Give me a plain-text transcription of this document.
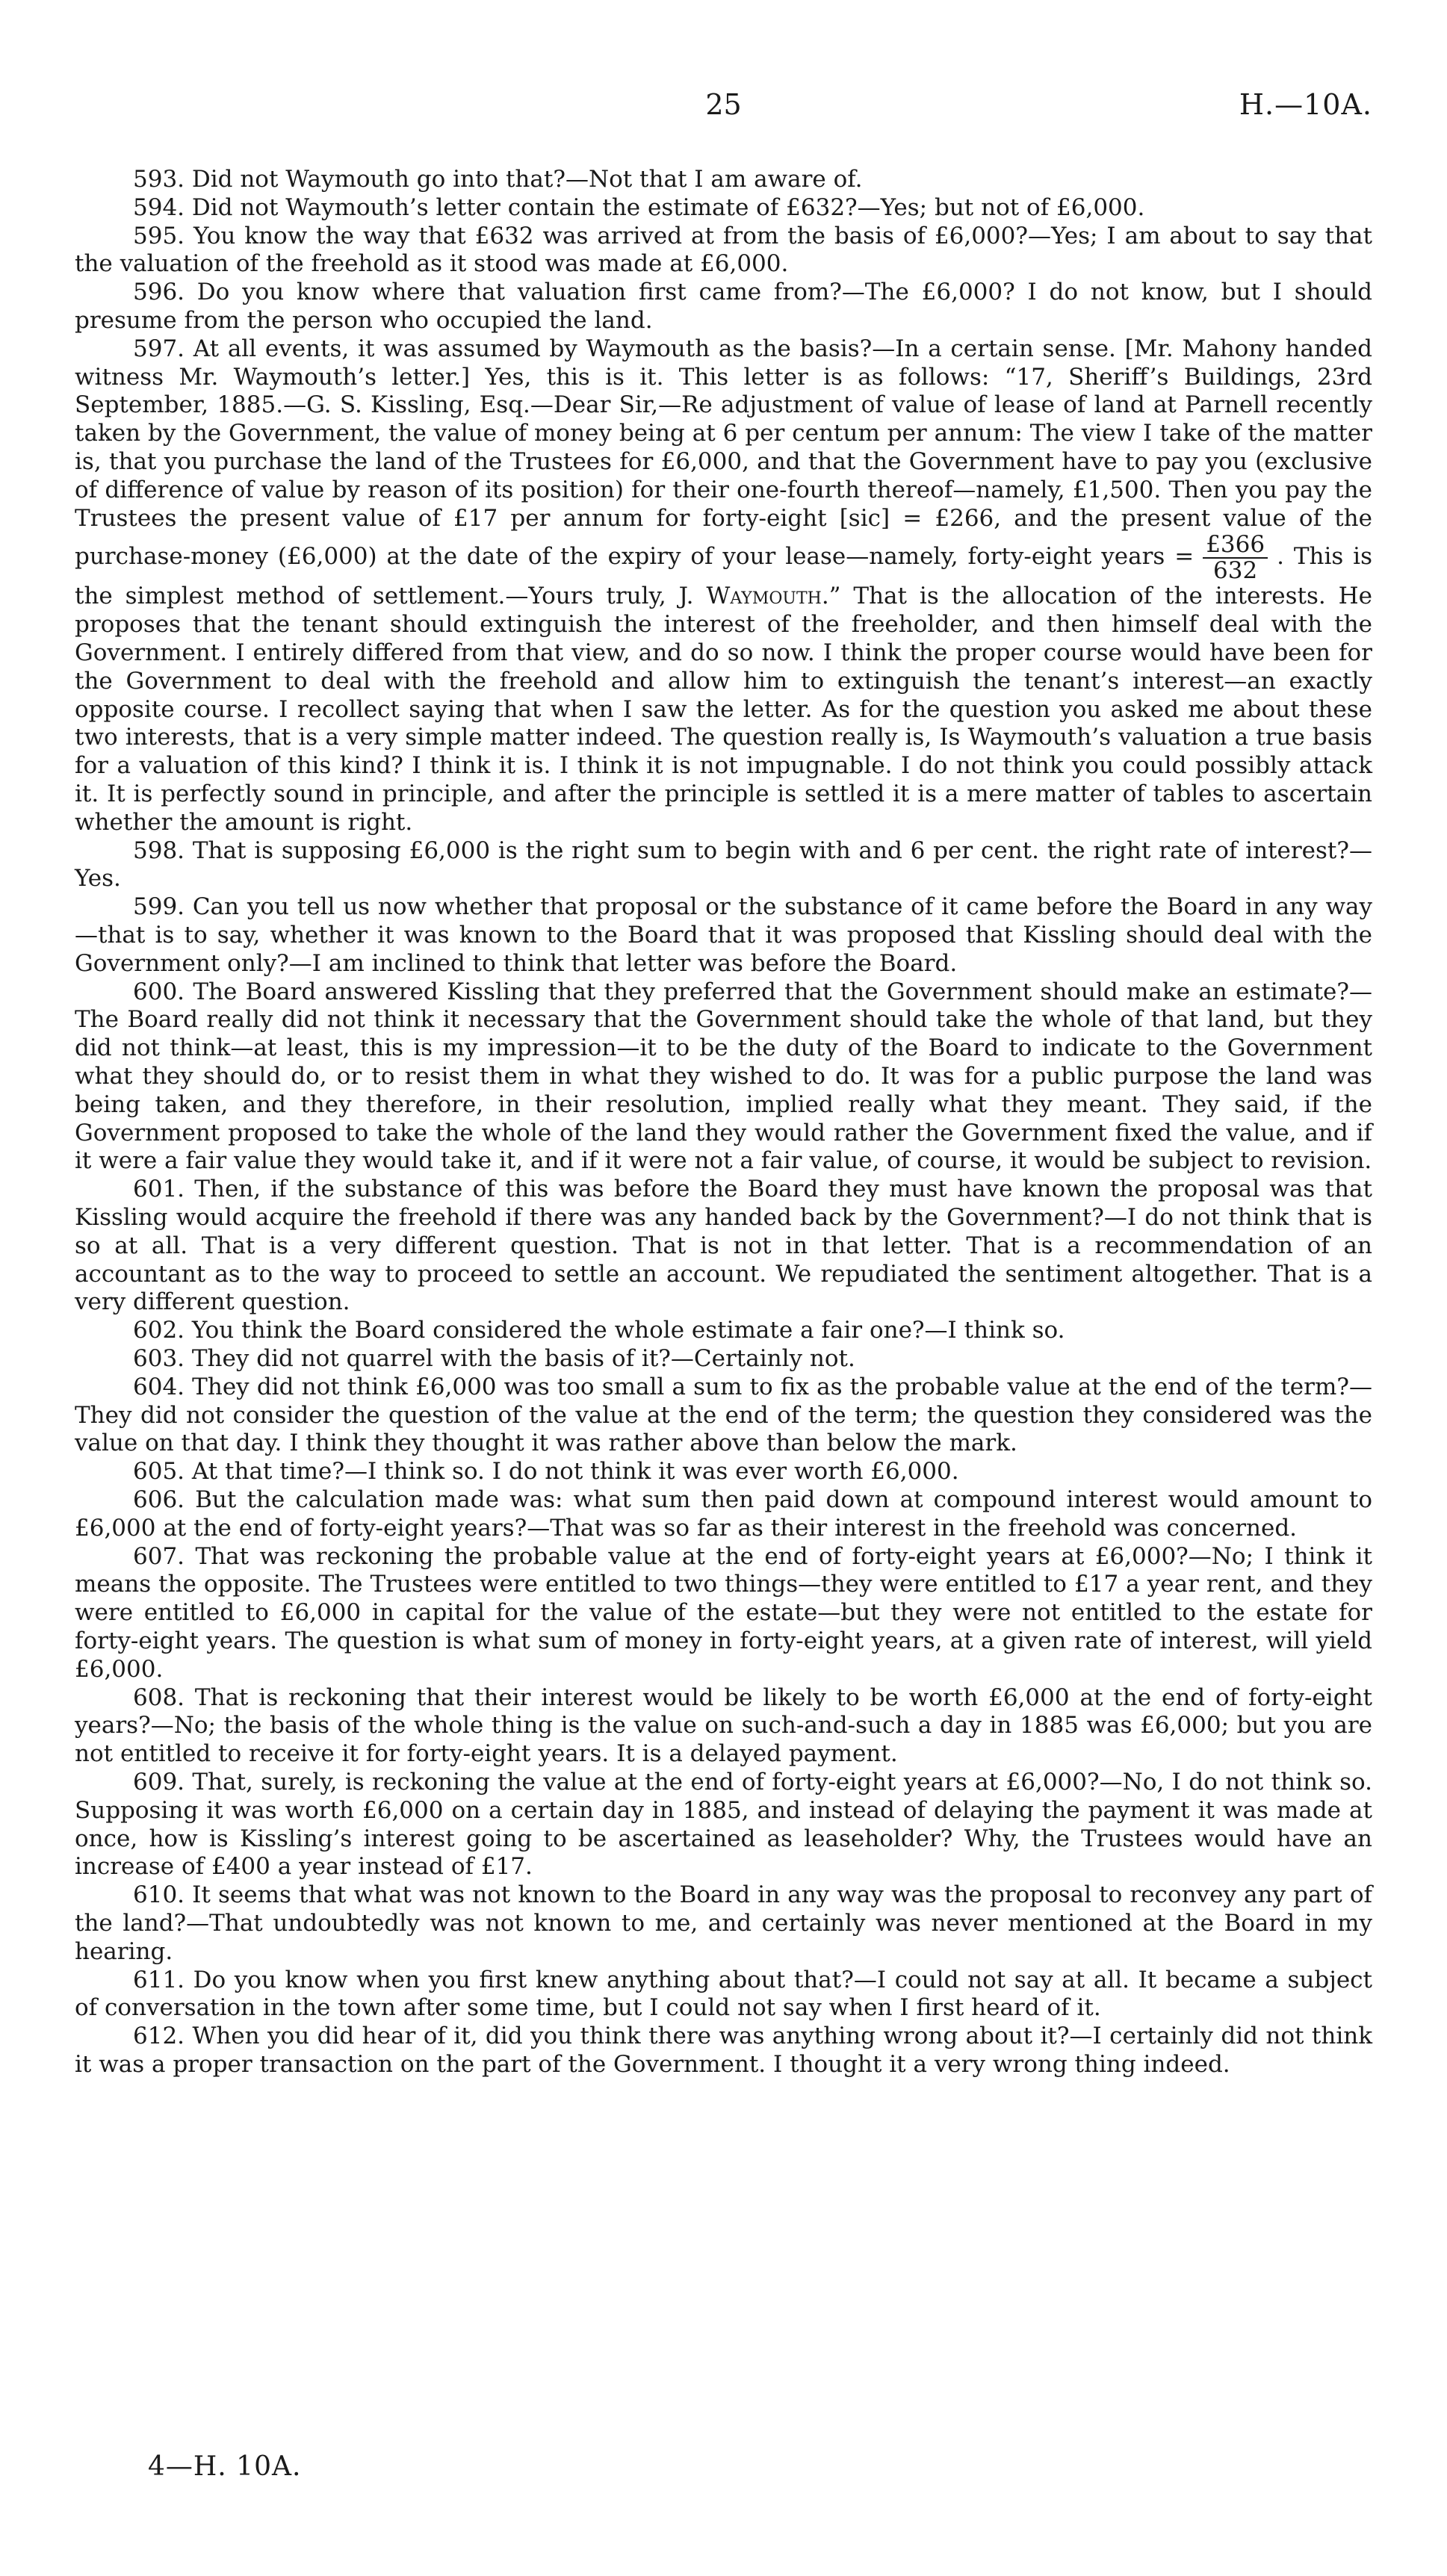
25	H.—10A.

593. Did not Waymouth go into that?—Not that I am aware of.

594. Did not Waymouth’s letter contain the estimate of £632?—Yes; but not of £6,000.

595. You know the way that £632 was arrived at from the basis of £6,000?—Yes; I am about to say that the valuation of the freehold as it stood was made at £6,000.

596. Do you know where that valuation first came from?—The £6,000? I do not know, but I should presume from the person who occupied the land.

597. At all events, it was assumed by Waymouth as the basis?—In a certain sense. [Mr. Mahony handed witness Mr. Waymouth’s letter.] Yes, this is it. This letter is as follows: “17, Sheriff’s Buildings, 23rd September, 1885.—G. S. Kissling, Esq.—Dear Sir,—Re adjustment of value of lease of land at Parnell recently taken by the Government, the value of money being at 6 per centum per annum: The view I take of the matter is, that you purchase the land of the Trustees for £6,000, and that the Government have to pay you (exclusive of difference of value by reason of its position) for their one-fourth thereof—namely, £1,500. Then you pay the Trustees the present value of £17 per annum for forty-eight [sic] = £266, and the present value of the purchase-money (£6,000) at the date of the expiry of your lease—namely, forty-eight years = $\frac{£366}{632}$ . This is the simplest method of settlement.—Yours truly, J. Waymouth.” That is the allocation of the interests. He proposes that the tenant should extinguish the interest of the freeholder, and then himself deal with the Government. I entirely differed from that view, and do so now. I think the proper course would have been for the Government to deal with the freehold and allow him to extinguish the tenant’s interest—an exactly opposite course. I recollect saying that when I saw the letter. As for the question you asked me about these two interests, that is a very simple matter indeed. The question really is, Is Waymouth’s valuation a true basis for a valuation of this kind? I think it is. I think it is not impugnable. I do not think you could possibly attack it. It is perfectly sound in principle, and after the principle is settled it is a mere matter of tables to ascertain whether the amount is right.

598. That is supposing £6,000 is the right sum to begin with and 6 per cent. the right rate of interest?—Yes.

599. Can you tell us now whether that proposal or the substance of it came before the Board in any way—that is to say, whether it was known to the Board that it was proposed that Kissling should deal with the Government only?—I am inclined to think that letter was before the Board.

600. The Board answered Kissling that they preferred that the Government should make an estimate?—The Board really did not think it necessary that the Government should take the whole of that land, but they did not think—at least, this is my impression—it to be the duty of the Board to indicate to the Government what they should do, or to resist them in what they wished to do. It was for a public purpose the land was being taken, and they therefore, in their resolution, implied really what they meant. They said, if the Government proposed to take the whole of the land they would rather the Government fixed the value, and if it were a fair value they would take it, and if it were not a fair value, of course, it would be subject to revision.

601. Then, if the substance of this was before the Board they must have known the proposal was that Kissling would acquire the freehold if there was any handed back by the Government?—I do not think that is so at all. That is a very different question. That is not in that letter. That is a recommendation of an accountant as to the way to proceed to settle an account. We repudiated the sentiment altogether. That is a very different question.

602. You think the Board considered the whole estimate a fair one?—I think so.

603. They did not quarrel with the basis of it?—Certainly not.

604. They did not think £6,000 was too small a sum to fix as the probable value at the end of the term?—They did not consider the question of the value at the end of the term; the question they considered was the value on that day. I think they thought it was rather above than below the mark.

605. At that time?—I think so. I do not think it was ever worth £6,000.

606. But the calculation made was: what sum then paid down at compound interest would amount to £6,000 at the end of forty-eight years?—That was so far as their interest in the freehold was concerned.

607. That was reckoning the probable value at the end of forty-eight years at £6,000?—No; I think it means the opposite. The Trustees were entitled to two things—they were entitled to £17 a year rent, and they were entitled to £6,000 in capital for the value of the estate—but they were not entitled to the estate for forty-eight years. The question is what sum of money in forty-eight years, at a given rate of interest, will yield £6,000.

608. That is reckoning that their interest would be likely to be worth £6,000 at the end of forty-eight years?—No; the basis of the whole thing is the value on such-and-such a day in 1885 was £6,000; but you are not entitled to receive it for forty-eight years. It is a delayed payment.

609. That, surely, is reckoning the value at the end of forty-eight years at £6,000?—No, I do not think so. Supposing it was worth £6,000 on a certain day in 1885, and instead of delaying the payment it was made at once, how is Kissling’s interest going to be ascertained as leaseholder? Why, the Trustees would have an increase of £400 a year instead of £17.

610. It seems that what was not known to the Board in any way was the proposal to reconvey any part of the land?—That undoubtedly was not known to me, and certainly was never mentioned at the Board in my hearing.

611. Do you know when you first knew anything about that?—I could not say at all. It became a subject of conversation in the town after some time, but I could not say when I first heard of it.

612. When you did hear of it, did you think there was anything wrong about it?—I certainly did not think it was a proper transaction on the part of the Government. I thought it a very wrong thing indeed.

4—H. 10A.
